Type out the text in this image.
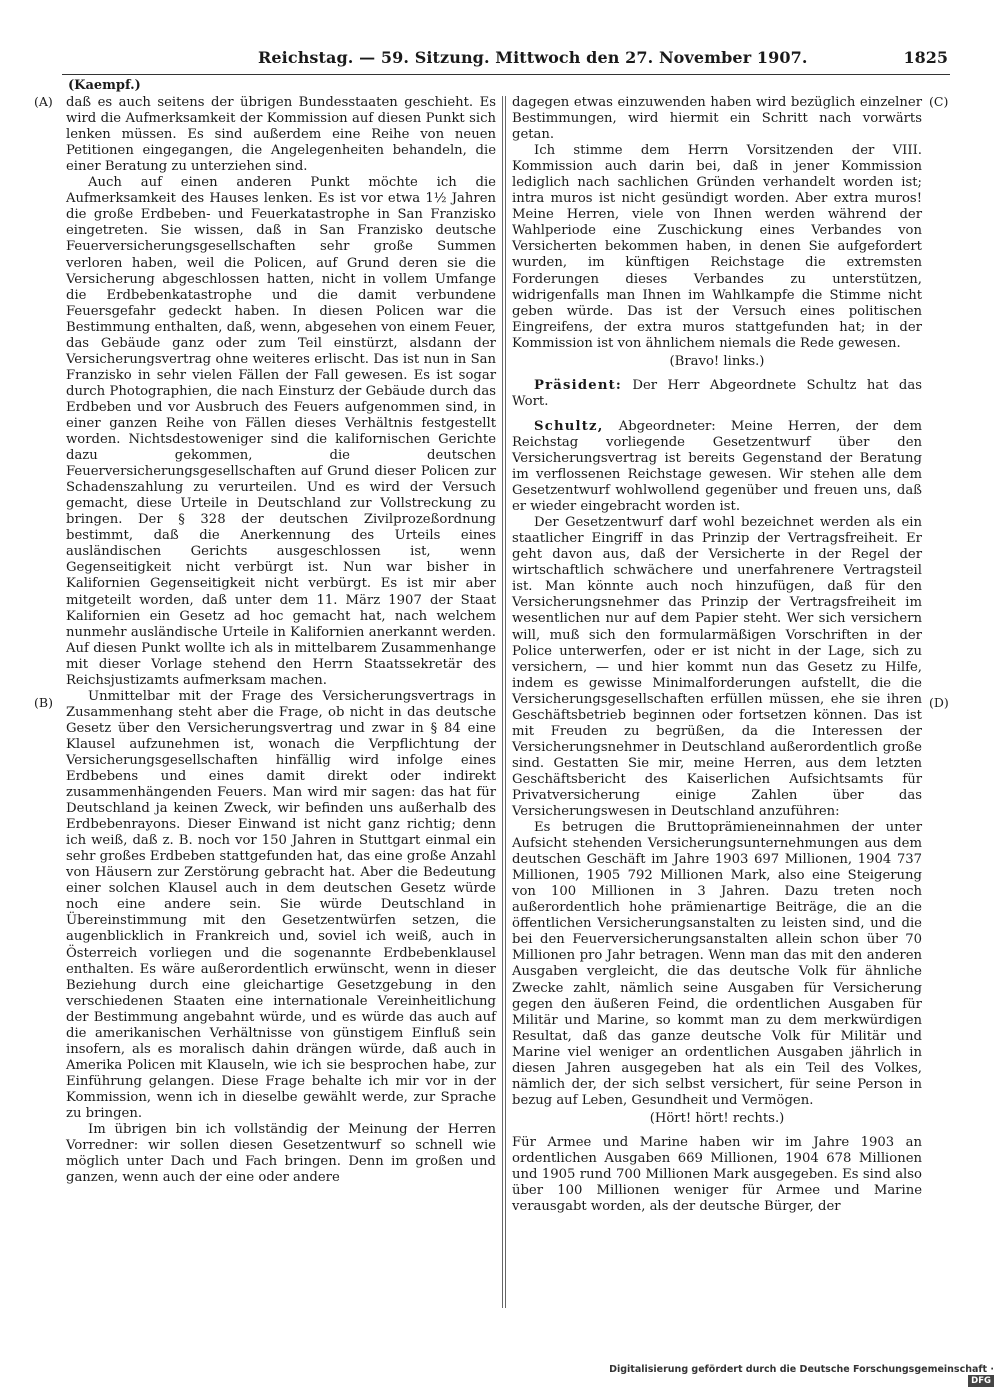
Reichstag. — 59. Sitzung. Mittwoch den 27. November 1907.	1825
(A)
(B)
(C)
(D)
(Kaempf.)

daß es auch seitens der übrigen Bundesstaaten geschieht. Es wird die Aufmerksamkeit der Kommission auf diesen Punkt sich lenken müssen. Es sind außerdem eine Reihe von neuen Petitionen eingegangen, die Angelegenheiten behandeln, die einer Beratung zu unterziehen sind.

Auch auf einen anderen Punkt möchte ich die Aufmerksamkeit des Hauses lenken. Es ist vor etwa 1½ Jahren die große Erdbeben- und Feuerkatastrophe in San Franzisko eingetreten. Sie wissen, daß in San Franzisko deutsche Feuerversicherungsgesellschaften sehr große Summen verloren haben, weil die Policen, auf Grund deren sie die Versicherung abgeschlossen hatten, nicht in vollem Umfange die Erdbebenkatastrophe und die damit verbundene Feuersgefahr gedeckt haben. In diesen Policen war die Bestimmung enthalten, daß, wenn, abgesehen von einem Feuer, das Gebäude ganz oder zum Teil einstürzt, alsdann der Versicherungsvertrag ohne weiteres erlischt. Das ist nun in San Franzisko in sehr vielen Fällen der Fall gewesen. Es ist sogar durch Photographien, die nach Einsturz der Gebäude durch das Erdbeben und vor Ausbruch des Feuers aufgenommen sind, in einer ganzen Reihe von Fällen dieses Verhältnis festgestellt worden. Nichtsdestoweniger sind die kalifornischen Gerichte dazu gekommen, die deutschen Feuerversicherungsgesellschaften auf Grund dieser Policen zur Schadenszahlung zu verurteilen. Und es wird der Versuch gemacht, diese Urteile in Deutschland zur Vollstreckung zu bringen. Der § 328 der deutschen Zivilprozeßordnung bestimmt, daß die Anerkennung des Urteils eines ausländischen Gerichts ausgeschlossen ist, wenn Gegenseitigkeit nicht verbürgt ist. Nun war bisher in Kalifornien Gegenseitigkeit nicht verbürgt. Es ist mir aber mitgeteilt worden, daß unter dem 11. März 1907 der Staat Kalifornien ein Gesetz ad hoc gemacht hat, nach welchem nunmehr ausländische Urteile in Kalifornien anerkannt werden. Auf diesen Punkt wollte ich als in mittelbarem Zusammenhange mit dieser Vorlage stehend den Herrn Staatssekretär des Reichsjustizamts aufmerksam machen.

Unmittelbar mit der Frage des Versicherungsvertrags in Zusammenhang steht aber die Frage, ob nicht in das deutsche Gesetz über den Versicherungsvertrag und zwar in § 84 eine Klausel aufzunehmen ist, wonach die Verpflichtung der Versicherungsgesellschaften hinfällig wird infolge eines Erdbebens und eines damit direkt oder indirekt zusammenhängenden Feuers. Man wird mir sagen: das hat für Deutschland ja keinen Zweck, wir befinden uns außerhalb des Erdbebenrayons. Dieser Einwand ist nicht ganz richtig; denn ich weiß, daß z. B. noch vor 150 Jahren in Stuttgart einmal ein sehr großes Erdbeben stattgefunden hat, das eine große Anzahl von Häusern zur Zerstörung gebracht hat. Aber die Bedeutung einer solchen Klausel auch in dem deutschen Gesetz würde noch eine andere sein. Sie würde Deutschland in Übereinstimmung mit den Gesetzentwürfen setzen, die augenblicklich in Frankreich und, soviel ich weiß, auch in Österreich vorliegen und die sogenannte Erdbebenklausel enthalten. Es wäre außerordentlich erwünscht, wenn in dieser Beziehung durch eine gleichartige Gesetzgebung in den verschiedenen Staaten eine internationale Vereinheitlichung der Bestimmung angebahnt würde, und es würde das auch auf die amerikanischen Verhältnisse von günstigem Einfluß sein insofern, als es moralisch dahin drängen würde, daß auch in Amerika Policen mit Klauseln, wie ich sie besprochen habe, zur Einführung gelangen. Diese Frage behalte ich mir vor in der Kommission, wenn ich in dieselbe gewählt werde, zur Sprache zu bringen.

Im übrigen bin ich vollständig der Meinung der Herren Vorredner: wir sollen diesen Gesetzentwurf so schnell wie möglich unter Dach und Fach bringen. Denn im großen und ganzen, wenn auch der eine oder andere

dagegen etwas einzuwenden haben wird bezüglich einzelner Bestimmungen, wird hiermit ein Schritt nach vorwärts getan.

Ich stimme dem Herrn Vorsitzenden der VIII. Kommission auch darin bei, daß in jener Kommission lediglich nach sachlichen Gründen verhandelt worden ist; intra muros ist nicht gesündigt worden. Aber extra muros! Meine Herren, viele von Ihnen werden während der Wahlperiode eine Zuschickung eines Verbandes von Versicherten bekommen haben, in denen Sie aufgefordert wurden, im künftigen Reichstage die extremsten Forderungen dieses Verbandes zu unterstützen, widrigenfalls man Ihnen im Wahlkampfe die Stimme nicht geben würde. Das ist der Versuch eines politischen Eingreifens, der extra muros stattgefunden hat; in der Kommission ist von ähnlichem niemals die Rede gewesen.

(Bravo! links.)

Präsident: Der Herr Abgeordnete Schultz hat das Wort.

Schultz, Abgeordneter: Meine Herren, der dem Reichstag vorliegende Gesetzentwurf über den Versicherungsvertrag ist bereits Gegenstand der Beratung im verflossenen Reichstage gewesen. Wir stehen alle dem Gesetzentwurf wohlwollend gegenüber und freuen uns, daß er wieder eingebracht worden ist.

Der Gesetzentwurf darf wohl bezeichnet werden als ein staatlicher Eingriff in das Prinzip der Vertragsfreiheit. Er geht davon aus, daß der Versicherte in der Regel der wirtschaftlich schwächere und unerfahrenere Vertragsteil ist. Man könnte auch noch hinzufügen, daß für den Versicherungsnehmer das Prinzip der Vertragsfreiheit im wesentlichen nur auf dem Papier steht. Wer sich versichern will, muß sich den formularmäßigen Vorschriften in der Police unterwerfen, oder er ist nicht in der Lage, sich zu versichern, — und hier kommt nun das Gesetz zu Hilfe, indem es gewisse Minimalforderungen aufstellt, die die Versicherungsgesellschaften erfüllen müssen, ehe sie ihren Geschäftsbetrieb beginnen oder fortsetzen können. Das ist mit Freuden zu begrüßen, da die Interessen der Versicherungsnehmer in Deutschland außerordentlich große sind. Gestatten Sie mir, meine Herren, aus dem letzten Geschäftsbericht des Kaiserlichen Aufsichtsamts für Privatversicherung einige Zahlen über das Versicherungswesen in Deutschland anzuführen:

Es betrugen die Bruttoprämieneinnahmen der unter Aufsicht stehenden Versicherungsunternehmungen aus dem deutschen Geschäft im Jahre 1903 697 Millionen, 1904 737 Millionen, 1905 792 Millionen Mark, also eine Steigerung von 100 Millionen in 3 Jahren. Dazu treten noch außerordentlich hohe prämienartige Beiträge, die an die öffentlichen Versicherungsanstalten zu leisten sind, und die bei den Feuerversicherungsanstalten allein schon über 70 Millionen pro Jahr betragen. Wenn man das mit den anderen Ausgaben vergleicht, die das deutsche Volk für ähnliche Zwecke zahlt, nämlich seine Ausgaben für Versicherung gegen den äußeren Feind, die ordentlichen Ausgaben für Militär und Marine, so kommt man zu dem merkwürdigen Resultat, daß das ganze deutsche Volk für Militär und Marine viel weniger an ordentlichen Ausgaben jährlich in diesen Jahren ausgegeben hat als ein Teil des Volkes, nämlich der, der sich selbst versichert, für seine Person in bezug auf Leben, Gesundheit und Vermögen.

(Hört! hört! rechts.)

Für Armee und Marine haben wir im Jahre 1903 an ordentlichen Ausgaben 669 Millionen, 1904 678 Millionen und 1905 rund 700 Millionen Mark ausgegeben. Es sind also über 100 Millionen weniger für Armee und Marine verausgabt worden, als der deutsche Bürger, der

Digitalisierung gefördert durch die Deutsche Forschungsgemeinschaft · DFG
